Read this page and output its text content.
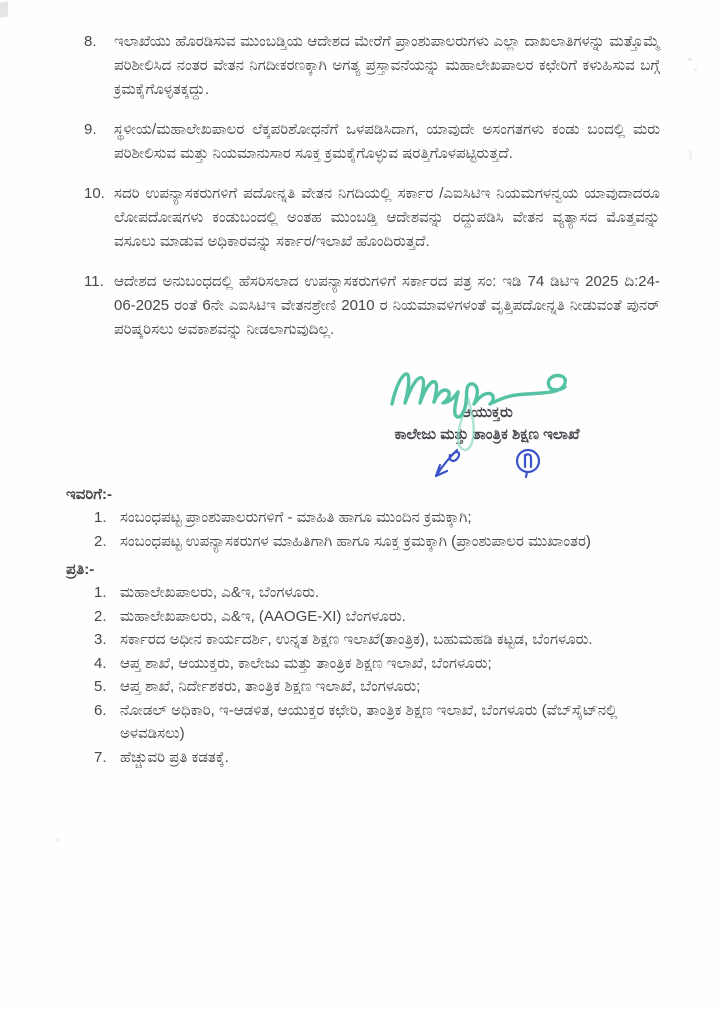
8.	ಇಲಾಖೆಯು ಹೊರಡಿಸುವ ಮುಂಬಡ್ತಿಯ ಆದೇಶದ ಮೇರೆಗೆ ಪ್ರಾಂಶುಪಾಲರುಗಳು ಎಲ್ಲಾ ದಾಖಲಾತಿಗಳನ್ನು ಮತ್ತೊಮ್ಮೆ ಪರಿಶೀಲಿಸಿದ ನಂತರ ವೇತನ ನಿಗದೀಕರಣಕ್ಕಾಗಿ ಅಗತ್ಯ ಪ್ರಸ್ತಾವನೆಯನ್ನು ಮಹಾಲೇಖಪಾಲರ ಕಛೇರಿಗೆ ಕಳುಹಿಸುವ ಬಗ್ಗೆ ಕ್ರಮಕೈಗೊಳ್ಳತಕ್ಕದ್ದು.
9.	ಸ್ಥಳೀಯ/ಮಹಾಲೇಖಪಾಲರ ಲೆಕ್ಕಪರಿಶೋಧನೆಗೆ ಒಳಪಡಿಸಿದಾಗ, ಯಾವುದೇ ಅಸಂಗತಗಳು ಕಂಡು ಬಂದಲ್ಲಿ ಮರು ಪರಿಶೀಲಿಸುವ ಮತ್ತು ನಿಯಮಾನುಸಾರ ಸೂಕ್ತ ಕ್ರಮಕೈಗೊಳ್ಳುವ ಷರತ್ತಿಗೊಳಪಟ್ಟಿರುತ್ತದೆ.
10. ಸದರಿ ಉಪನ್ಯಾಸಕರುಗಳಿಗೆ ಪದೋನ್ನತಿ ವೇತನ ನಿಗದಿಯಲ್ಲಿ ಸರ್ಕಾರ /ಎಐಸಿಟಿಇ ನಿಯಮಗಳನ್ವಯ ಯಾವುದಾದರೂ ಲೋಪದೋಷಗಳು ಕಂಡುಬಂದಲ್ಲಿ ಅಂತಹ ಮುಂಬಡ್ತಿ ಆದೇಶವನ್ನು ರದ್ದುಪಡಿಸಿ ವೇತನ ವ್ಯತ್ಯಾಸದ ಮೊತ್ತವನ್ನು ವಸೂಲು ಮಾಡುವ ಅಧಿಕಾರವನ್ನು ಸರ್ಕಾರ/ಇಲಾಖೆ ಹೊಂದಿರುತ್ತದೆ.
11. ಆದೇಶದ ಅನುಬಂಧದಲ್ಲಿ ಹೆಸರಿಸಲಾದ ಉಪನ್ಯಾಸಕರುಗಳಿಗೆ ಸರ್ಕಾರದ ಪತ್ರ ಸಂ: ಇಡಿ 74 ಡಿಟಿಇ 2025 ದಿ:24-06-2025 ರಂತೆ 6ನೇ ಎಐಸಿಟಿಇ ವೇತನಶ್ರೇಣಿ 2010 ರ ನಿಯಮಾವಳಿಗಳಂತೆ ವೃತ್ತಿಪದೋನ್ನತಿ ನೀಡುವಂತೆ ಪುನರ್ ಪರಿಷ್ಕರಿಸಲು ಅವಕಾಶವನ್ನು ನೀಡಲಾಗುವುದಿಲ್ಲ.
ಆಯುಕ್ತರು
ಕಾಲೇಜು ಮತ್ತು ತಾಂತ್ರಿಕ ಶಿಕ್ಷಣ ಇಲಾಖೆ
ಇವರಿಗೆ:-
1. ಸಂಬಂಧಪಟ್ಟ ಪ್ರಾಂಶುಪಾಲರುಗಳಿಗೆ - ಮಾಹಿತಿ ಹಾಗೂ ಮುಂದಿನ ಕ್ರಮಕ್ಕಾಗಿ;
2. ಸಂಬಂಧಪಟ್ಟ ಉಪನ್ಯಾಸಕರುಗಳ ಮಾಹಿತಿಗಾಗಿ ಹಾಗೂ ಸೂಕ್ತ ಕ್ರಮಕ್ಕಾಗಿ (ಪ್ರಾಂಶುಪಾಲರ ಮುಖಾಂತರ)
ಪ್ರತಿ:-
1. ಮಹಾಲೇಖಪಾಲರು, ಎ&ಇ, ಬೆಂಗಳೂರು.
2. ಮಹಾಲೇಖಪಾಲರು, ಎ&ಇ, (AAOGE-XI) ಬೆಂಗಳೂರು.
3. ಸರ್ಕಾರದ ಅಧೀನ ಕಾರ್ಯದರ್ಶಿ, ಉನ್ನತ ಶಿಕ್ಷಣ ಇಲಾಖೆ(ತಾಂತ್ರಿಕ), ಬಹುಮಹಡಿ ಕಟ್ಟಡ, ಬೆಂಗಳೂರು.
4. ಆಪ್ತ ಶಾಖೆ, ಆಯುಕ್ತರು, ಕಾಲೇಜು ಮತ್ತು ತಾಂತ್ರಿಕ ಶಿಕ್ಷಣ ಇಲಾಖೆ, ಬೆಂಗಳೂರು;
5. ಆಪ್ತ ಶಾಖೆ, ನಿರ್ದೇಶಕರು, ತಾಂತ್ರಿಕ ಶಿಕ್ಷಣ ಇಲಾಖೆ, ಬೆಂಗಳೂರು;
6. ನೋಡಲ್ ಅಧಿಕಾರಿ, ಇ-ಆಡಳಿತ, ಆಯುಕ್ತರ ಕಛೇರಿ, ತಾಂತ್ರಿಕ ಶಿಕ್ಷಣ ಇಲಾಖೆ, ಬೆಂಗಳೂರು (ವೆಬ್‌ಸೈಟ್‌ನಲ್ಲಿ ಅಳವಡಿಸಲು)
7. ಹೆಚ್ಚುವರಿ ಪ್ರತಿ ಕಡತಕ್ಕೆ.
